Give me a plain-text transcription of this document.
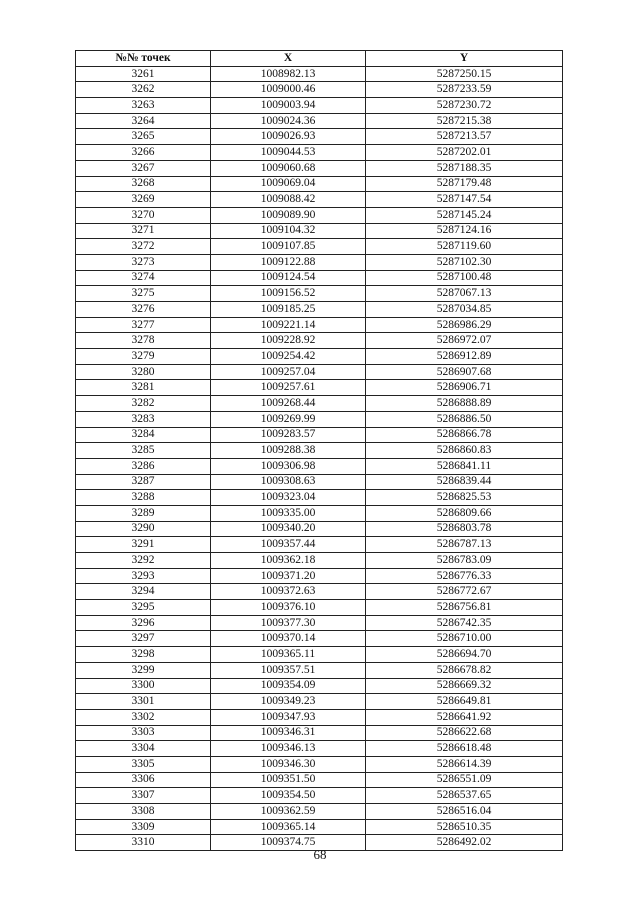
№№ точек	X	Y
3261	1008982.13	5287250.15
3262	1009000.46	5287233.59
3263	1009003.94	5287230.72
3264	1009024.36	5287215.38
3265	1009026.93	5287213.57
3266	1009044.53	5287202.01
3267	1009060.68	5287188.35
3268	1009069.04	5287179.48
3269	1009088.42	5287147.54
3270	1009089.90	5287145.24
3271	1009104.32	5287124.16
3272	1009107.85	5287119.60
3273	1009122.88	5287102.30
3274	1009124.54	5287100.48
3275	1009156.52	5287067.13
3276	1009185.25	5287034.85
3277	1009221.14	5286986.29
3278	1009228.92	5286972.07
3279	1009254.42	5286912.89
3280	1009257.04	5286907.68
3281	1009257.61	5286906.71
3282	1009268.44	5286888.89
3283	1009269.99	5286886.50
3284	1009283.57	5286866.78
3285	1009288.38	5286860.83
3286	1009306.98	5286841.11
3287	1009308.63	5286839.44
3288	1009323.04	5286825.53
3289	1009335.00	5286809.66
3290	1009340.20	5286803.78
3291	1009357.44	5286787.13
3292	1009362.18	5286783.09
3293	1009371.20	5286776.33
3294	1009372.63	5286772.67
3295	1009376.10	5286756.81
3296	1009377.30	5286742.35
3297	1009370.14	5286710.00
3298	1009365.11	5286694.70
3299	1009357.51	5286678.82
3300	1009354.09	5286669.32
3301	1009349.23	5286649.81
3302	1009347.93	5286641.92
3303	1009346.31	5286622.68
3304	1009346.13	5286618.48
3305	1009346.30	5286614.39
3306	1009351.50	5286551.09
3307	1009354.50	5286537.65
3308	1009362.59	5286516.04
3309	1009365.14	5286510.35
3310	1009374.75	5286492.02
68
